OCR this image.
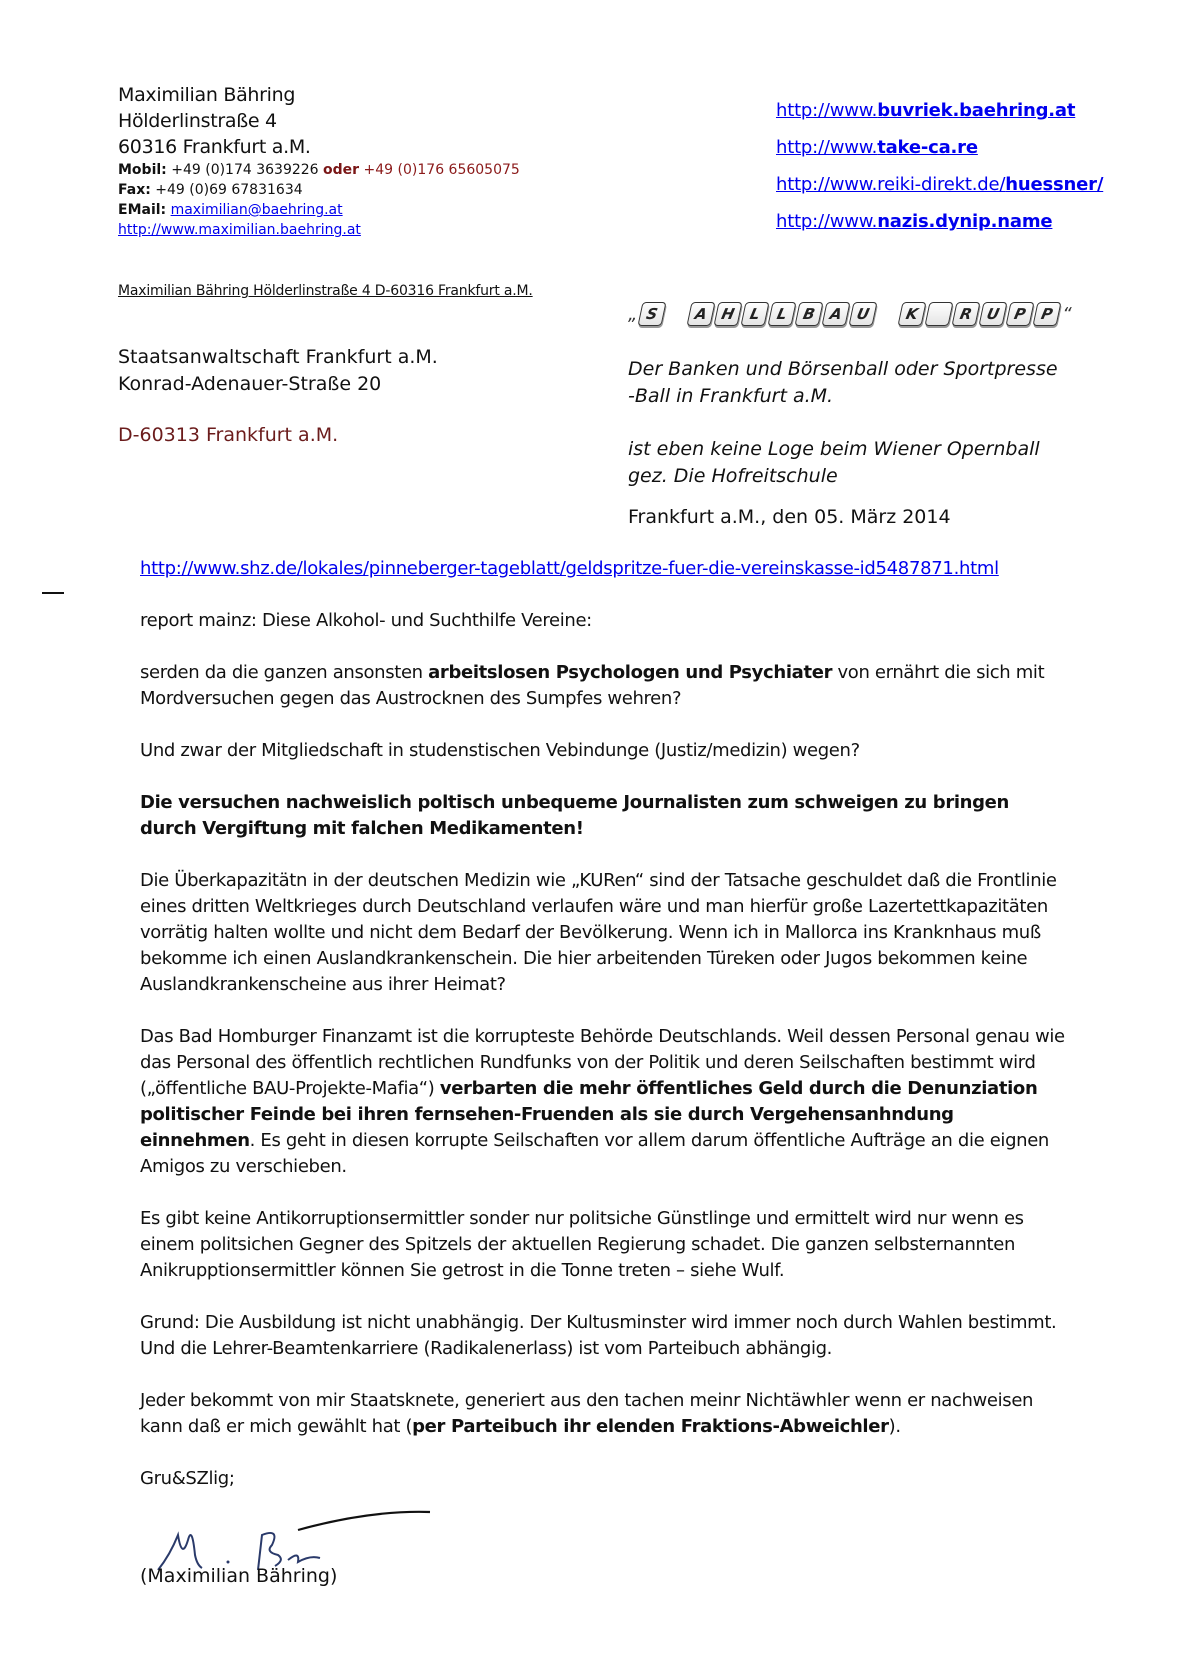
Maximilian Bähring
Hölderlinstraße 4
60316 Frankfurt a.M.
Mobil: +49 (0)174 3639226 oder +49 (0)176 65605075
Fax: +49 (0)69 67831634
EMail: maximilian@baehring.at
http://www.maximilian.baehring.at
http://www.buvriek.baehring.at
http://www.take-ca.re
http://www.reiki-direkt.de/huessner/
http://www.nazis.dynip.name
Maximilian Bähring Hölderlinstraße 4 D-60316 Frankfurt a.M.
Staatsanwaltschaft Frankfurt a.M.
Konrad-Adenauer-Straße 20
D-60313 Frankfurt a.M.
„ S	A H L L B A U	K	R U P P “

Der Banken und Börsenball oder Sportpresse
-Ball in Frankfurt a.M.

ist eben keine Loge beim Wiener Opernball
gez. Die Hofreitschule

Frankfurt a.M., den 05. März 2014
http://www.shz.de/lokales/pinneberger-tageblatt/geldspritze-fuer-die-vereinskasse-id5487871.html

report mainz: Diese Alkohol- und Suchthilfe Vereine:

serden da die ganzen ansonsten arbeitslosen Psychologen und Psychiater von ernährt die sich mit Mordversuchen gegen das Austrocknen des Sumpfes wehren?

Und zwar der Mitgliedschaft in studenstischen Vebindunge (Justiz/medizin) wegen?

Die versuchen nachweislich poltisch unbequeme Journalisten zum schweigen zu bringen durch Vergiftung mit falchen Medikamenten!

Die Überkapazitätn in der deutschen Medizin wie „KURen“ sind der Tatsache geschuldet daß die Frontlinie eines dritten Weltkrieges durch Deutschland verlaufen wäre und man hierfür große Lazertettkapazitäten vorrätig halten wollte und nicht dem Bedarf der Bevölkerung. Wenn ich in Mallorca ins Kranknhaus muß bekomme ich einen Auslandkrankenschein. Die hier arbeitenden Türeken oder Jugos bekommen keine Auslandkrankenscheine aus ihrer Heimat?

Das Bad Homburger Finanzamt ist die korrupteste Behörde Deutschlands. Weil dessen Personal genau wie das Personal des öffentlich rechtlichen Rundfunks von der Politik und deren Seilschaften bestimmt wird („öffentliche BAU-Projekte-Mafia“) verbarten die mehr öffentliches Geld durch die Denunziation politischer Feinde bei ihren fernsehen-Fruenden als sie durch Vergehensanhndung einnehmen. Es geht in diesen korrupte Seilschaften vor allem darum öffentliche Aufträge an die eignen Amigos zu verschieben.

Es gibt keine Antikorruptionsermittler sonder nur politsiche Günstlinge und ermittelt wird nur wenn es einem politsichen Gegner des Spitzels der aktuellen Regierung schadet. Die ganzen selbsternannten Anikrupptionsermittler können Sie getrost in die Tonne treten – siehe Wulf.

Grund: Die Ausbildung ist nicht unabhängig. Der Kultusminster wird immer noch durch Wahlen bestimmt. Und die Lehrer-Beamtenkarriere (Radikalenerlass) ist vom Parteibuch abhängig.

Jeder bekommt von mir Staatsknete, generiert aus den tachen meinr Nichtäwhler wenn er nachweisen kann daß er mich gewählt hat (per Parteibuch ihr elenden Fraktions-Abweichler).

Gru&SZlig;

(Maximilian Bähring)
